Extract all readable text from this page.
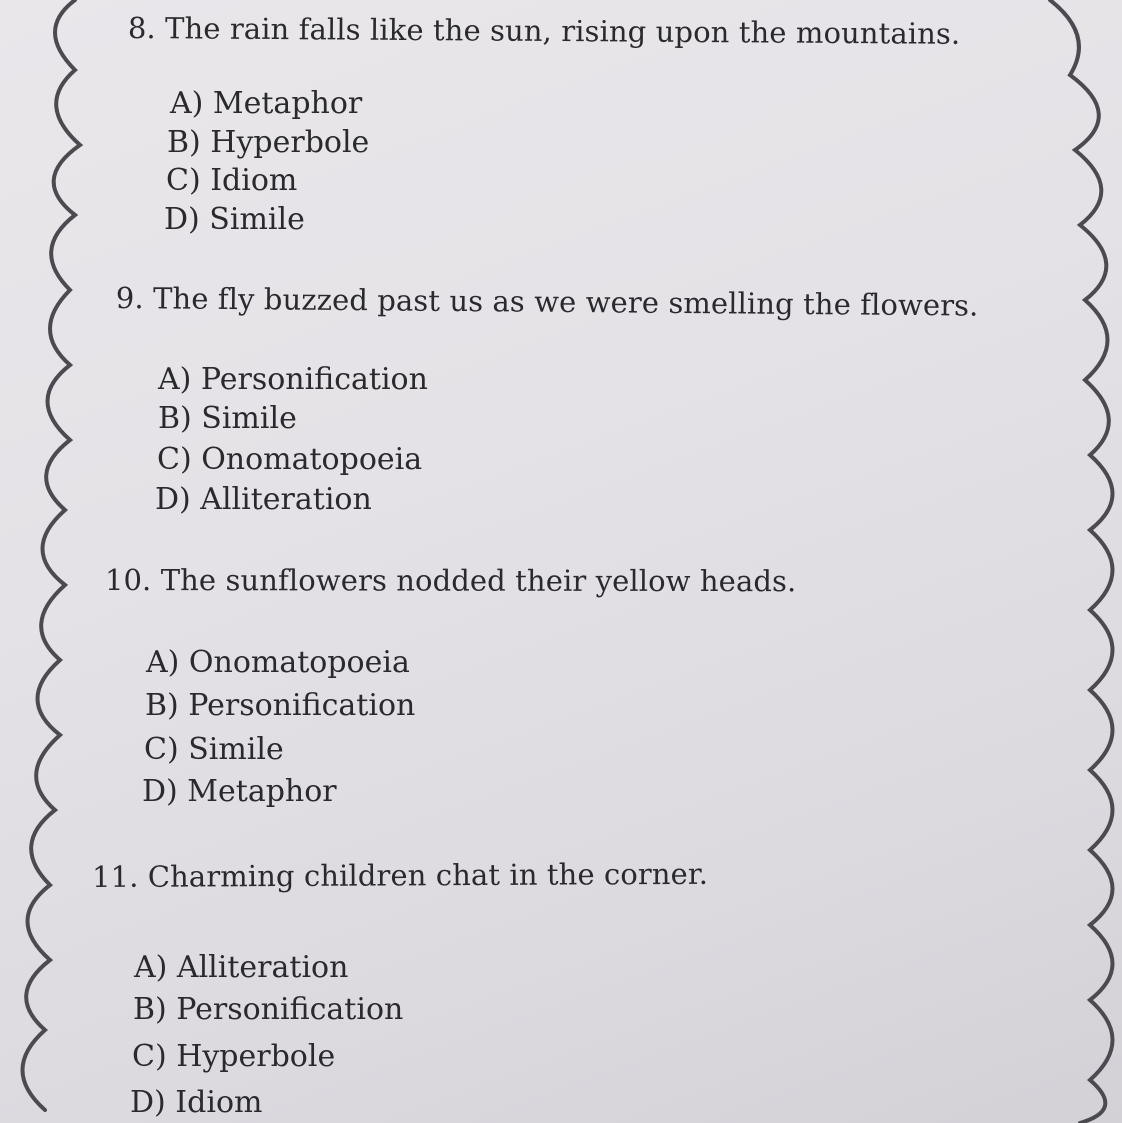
8. The rain falls like the sun, rising upon the mountains.
A) Metaphor
B) Hyperbole
C) Idiom
D) Simile
9. The fly buzzed past us as we were smelling the flowers.
A) Personification
B) Simile
C) Onomatopoeia
D) Alliteration
10. The sunflowers nodded their yellow heads.
A) Onomatopoeia
B) Personification
C) Simile
D) Metaphor
11. Charming children chat in the corner.
A) Alliteration
B) Personification
C) Hyperbole
D) Idiom
